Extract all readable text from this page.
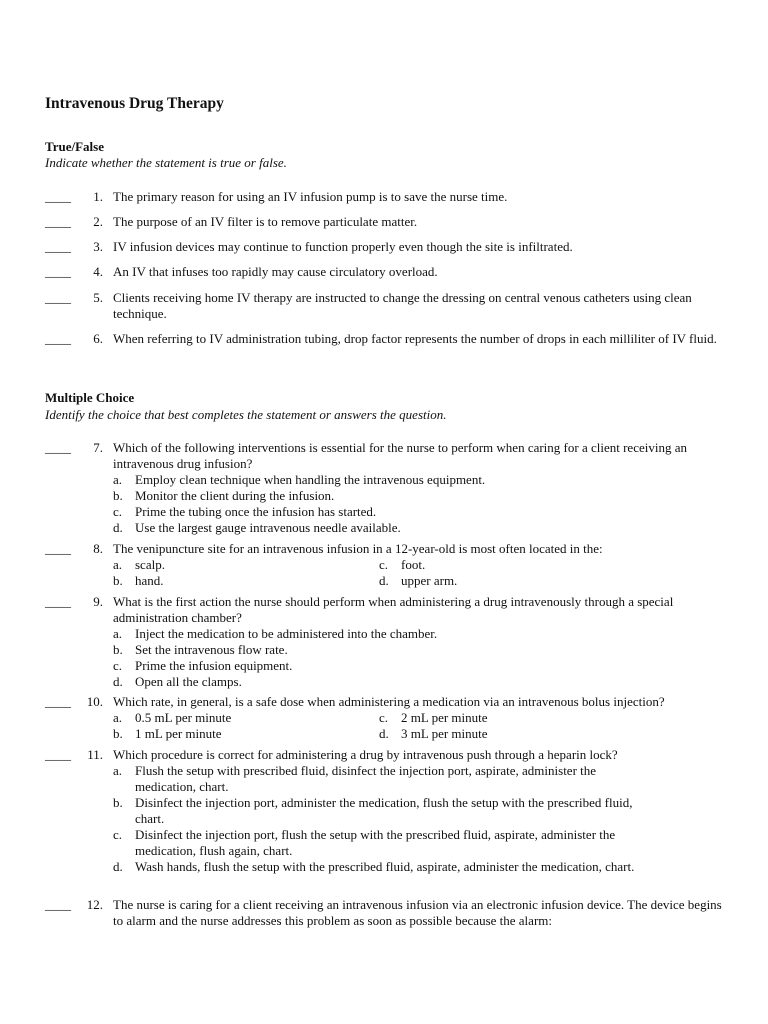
Intravenous Drug Therapy
True/False
Indicate whether the statement is true or false.
____	1. The primary reason for using an IV infusion pump is to save the nurse time.
____	2. The purpose of an IV filter is to remove particulate matter.
____	3. IV infusion devices may continue to function properly even though the site is infiltrated.
____	4. An IV that infuses too rapidly may cause circulatory overload.
____	5. Clients receiving home IV therapy are instructed to change the dressing on central venous catheters using clean technique.
____	6. When referring to IV administration tubing, drop factor represents the number of drops in each milliliter of IV fluid.
Multiple Choice
Identify the choice that best completes the statement or answers the question.
____	7. Which of the following interventions is essential for the nurse to perform when caring for a client receiving an intravenous drug infusion?
a. Employ clean technique when handling the intravenous equipment.
b. Monitor the client during the infusion.
c. Prime the tubing once the infusion has started.
d. Use the largest gauge intravenous needle available.
____	8. The venipuncture site for an intravenous infusion in a 12-year-old is most often located in the:
a. scalp.	c. foot.
b. hand.	d. upper arm.
____	9. What is the first action the nurse should perform when administering a drug intravenously through a special administration chamber?
a. Inject the medication to be administered into the chamber.
b. Set the intravenous flow rate.
c. Prime the infusion equipment.
d. Open all the clamps.
____	10. Which rate, in general, is a safe dose when administering a medication via an intravenous bolus injection?
a. 0.5 mL per minute	c. 2 mL per minute
b. 1 mL per minute	d. 3 mL per minute
____	11. Which procedure is correct for administering a drug by intravenous push through a heparin lock?
a. Flush the setup with prescribed fluid, disinfect the injection port, aspirate, administer the medication, chart.
b. Disinfect the injection port, administer the medication, flush the setup with the prescribed fluid, chart.
c. Disinfect the injection port, flush the setup with the prescribed fluid, aspirate, administer the medication, flush again, chart.
d. Wash hands, flush the setup with the prescribed fluid, aspirate, administer the medication, chart.
____	12. The nurse is caring for a client receiving an intravenous infusion via an electronic infusion device. The device begins to alarm and the nurse addresses this problem as soon as possible because the alarm:
